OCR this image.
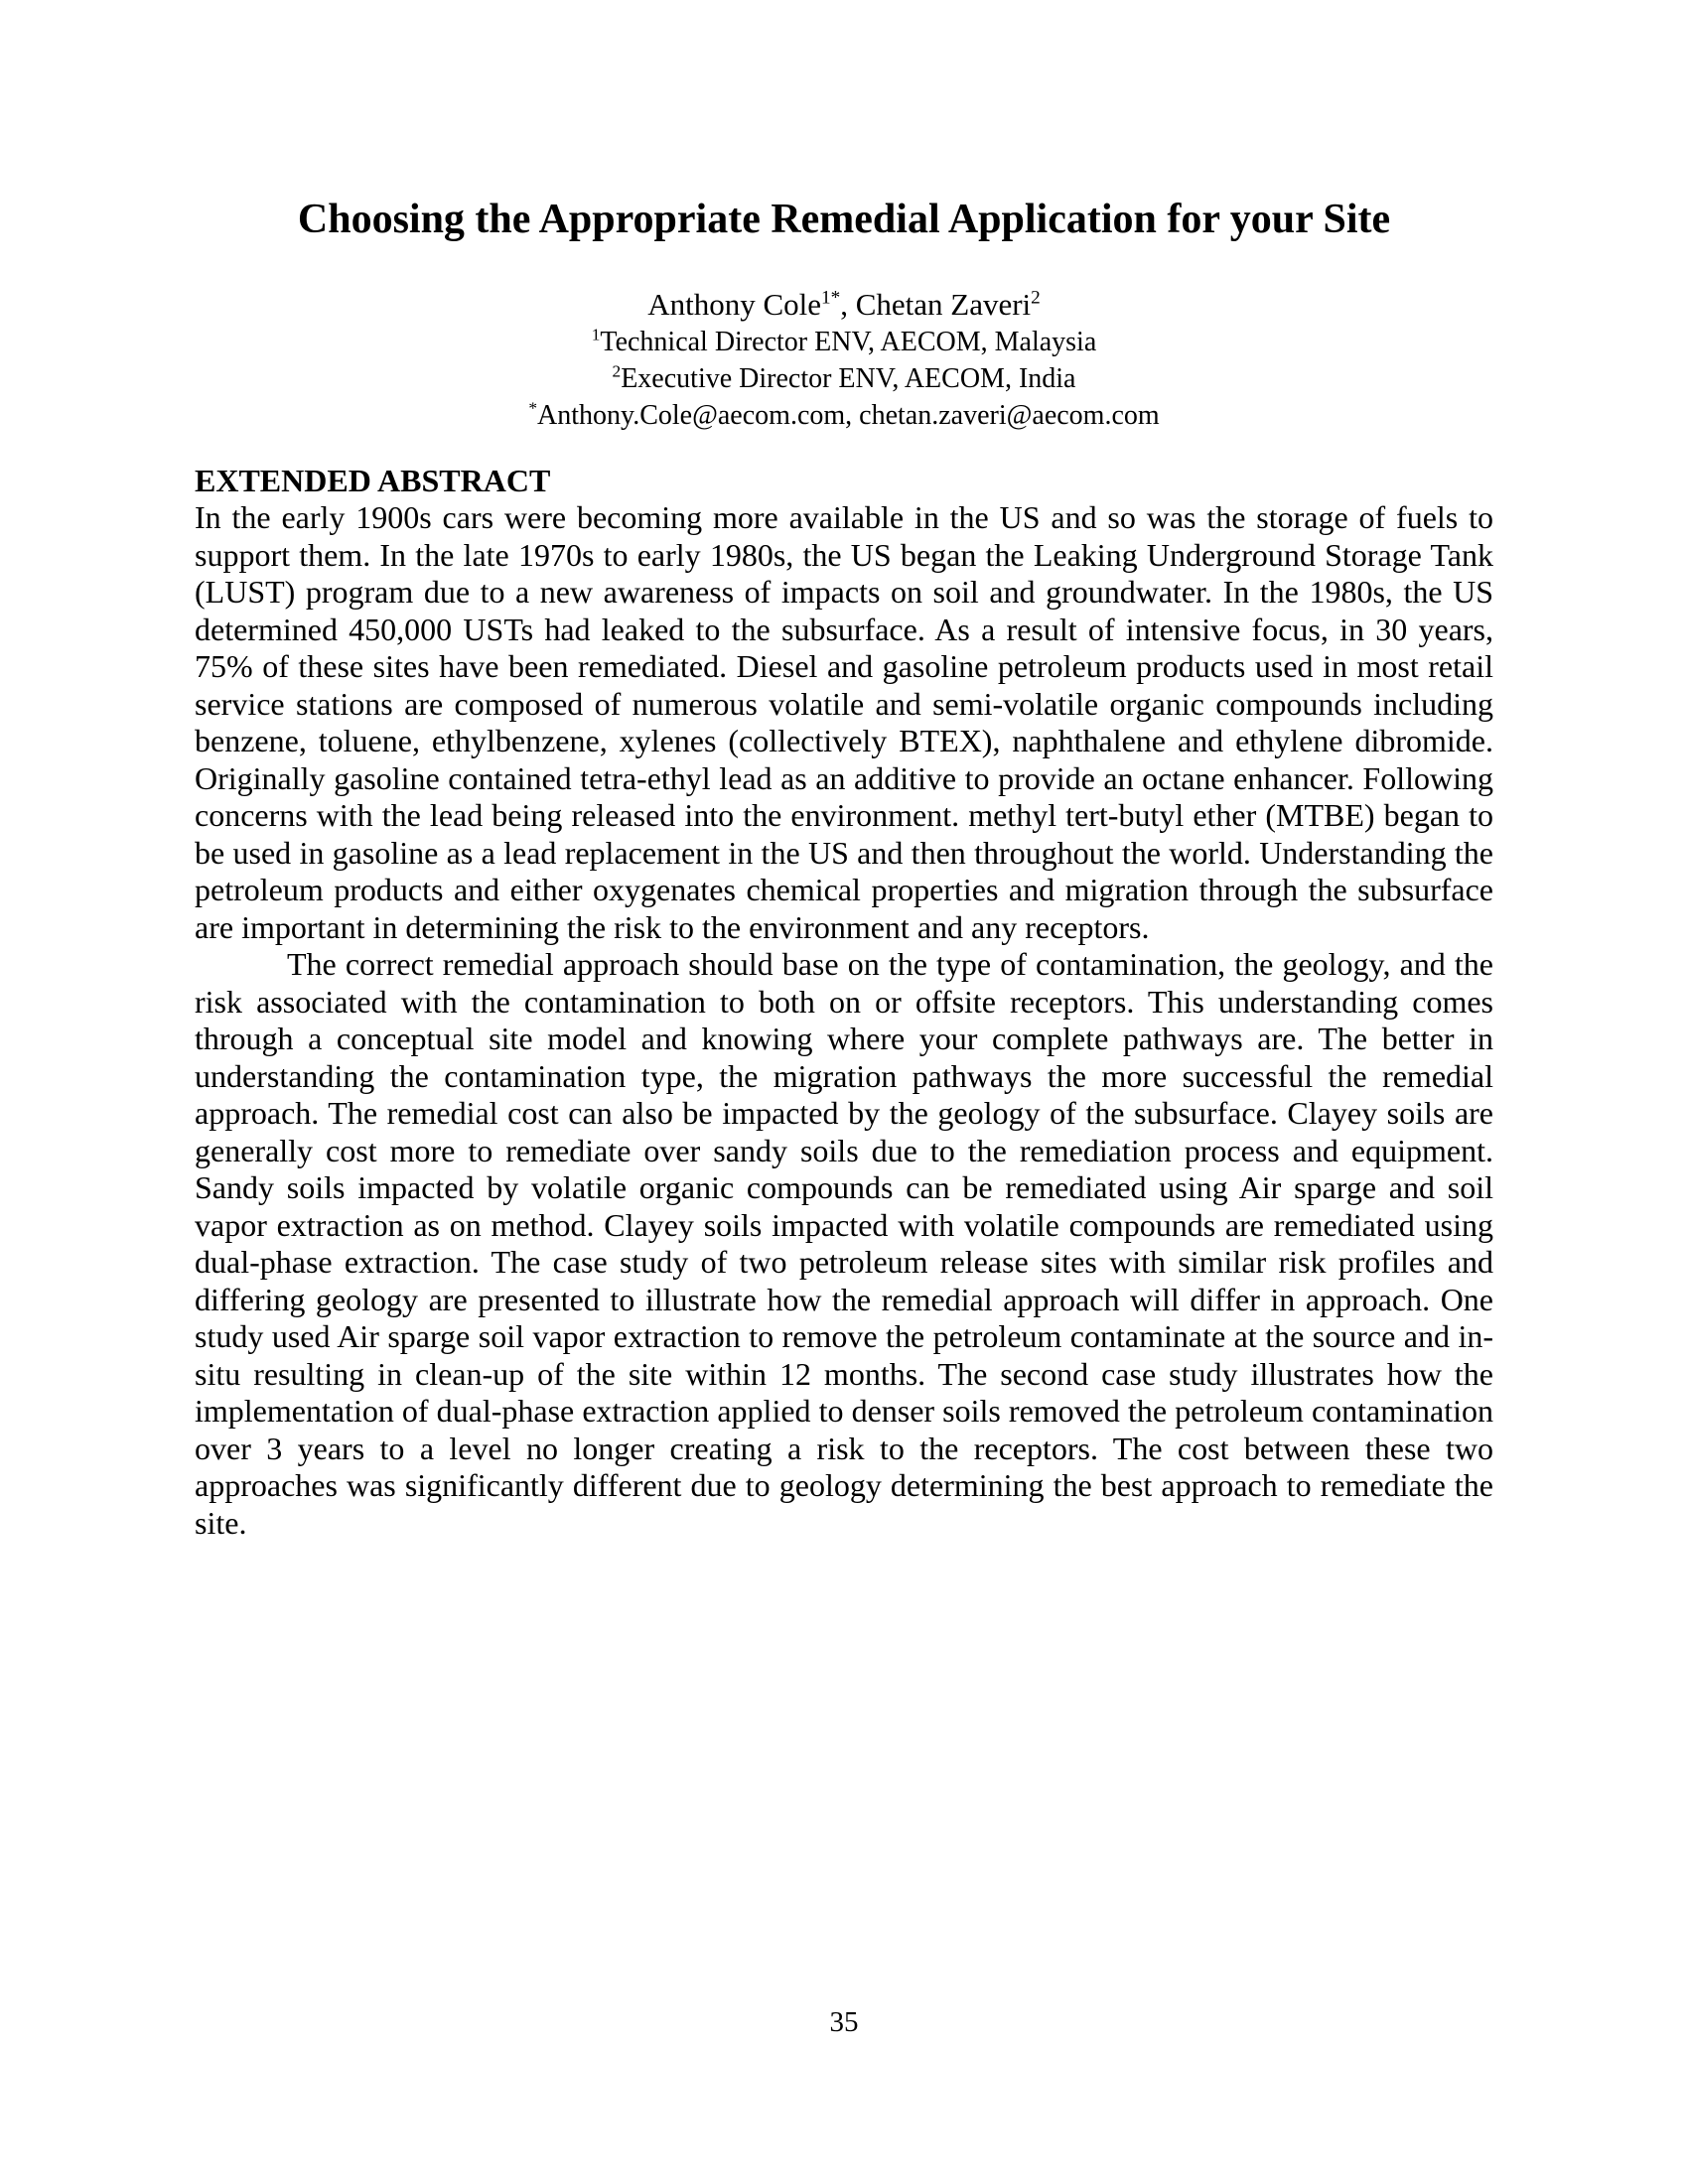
Choosing the Appropriate Remedial Application for your Site
Anthony Cole$^{1*}$, Chetan Zaveri$^2$
$^1$Technical Director ENV, AECOM, Malaysia
$^2$Executive Director ENV, AECOM, India
*Anthony.Cole@aecom.com, chetan.zaveri@aecom.com
EXTENDED ABSTRACT

In the early 1900s cars were becoming more available in the US and so was the storage of fuels to support them. In the late 1970s to early 1980s, the US began the Leaking Underground Storage Tank (LUST) program due to a new awareness of impacts on soil and groundwater. In the 1980s, the US determined 450,000 USTs had leaked to the subsurface. As a result of intensive focus, in 30 years, 75% of these sites have been remediated. Diesel and gasoline petroleum products used in most retail service stations are composed of numerous volatile and semi-volatile organic compounds including benzene, toluene, ethylbenzene, xylenes (collectively BTEX), naphthalene and ethylene dibromide. Originally gasoline contained tetra-ethyl lead as an additive to provide an octane enhancer. Following concerns with the lead being released into the environment. methyl tert-butyl ether (MTBE) began to be used in gasoline as a lead replacement in the US and then throughout the world. Understanding the petroleum products and either oxygenates chemical properties and migration through the subsurface are important in determining the risk to the environment and any receptors.

The correct remedial approach should base on the type of contamination, the geology, and the risk associated with the contamination to both on or offsite receptors. This understanding comes through a conceptual site model and knowing where your complete pathways are. The better in understanding the contamination type, the migration pathways the more successful the remedial approach. The remedial cost can also be impacted by the geology of the subsurface. Clayey soils are generally cost more to remediate over sandy soils due to the remediation process and equipment. Sandy soils impacted by volatile organic compounds can be remediated using Air sparge and soil vapor extraction as on method. Clayey soils impacted with volatile compounds are remediated using dual-phase extraction. The case study of two petroleum release sites with similar risk profiles and differing geology are presented to illustrate how the remedial approach will differ in approach. One study used Air sparge soil vapor extraction to remove the petroleum contaminate at the source and in-situ resulting in clean-up of the site within 12 months. The second case study illustrates how the implementation of dual-phase extraction applied to denser soils removed the petroleum contamination over 3 years to a level no longer creating a risk to the receptors. The cost between these two approaches was significantly different due to geology determining the best approach to remediate the site.

35
